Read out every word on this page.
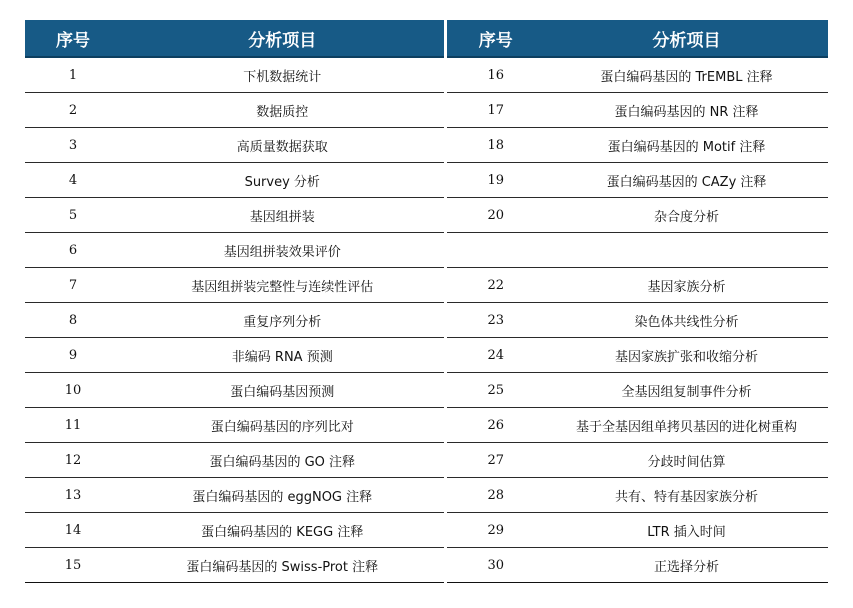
序号	分析项目	序号	分析项目
1	下机数据统计	16	蛋白编码基因的 TrEMBL 注释
2	数据质控	17	蛋白编码基因的 NR 注释
3	高质量数据获取	18	蛋白编码基因的 Motif 注释
4	Survey 分析	19	蛋白编码基因的 CAZy 注释
5	基因组拼装	20	杂合度分析
6	基因组拼装效果评价		
7	基因组拼装完整性与连续性评估	22	基因家族分析
8	重复序列分析	23	染色体共线性分析
9	非编码 RNA 预测	24	基因家族扩张和收缩分析
10	蛋白编码基因预测	25	全基因组复制事件分析
11	蛋白编码基因的序列比对	26	基于全基因组单拷贝基因的进化树重构
12	蛋白编码基因的 GO 注释	27	分歧时间估算
13	蛋白编码基因的 eggNOG 注释	28	共有、特有基因家族分析
14	蛋白编码基因的 KEGG 注释	29	LTR 插入时间
15	蛋白编码基因的 Swiss-Prot 注释	30	正选择分析
